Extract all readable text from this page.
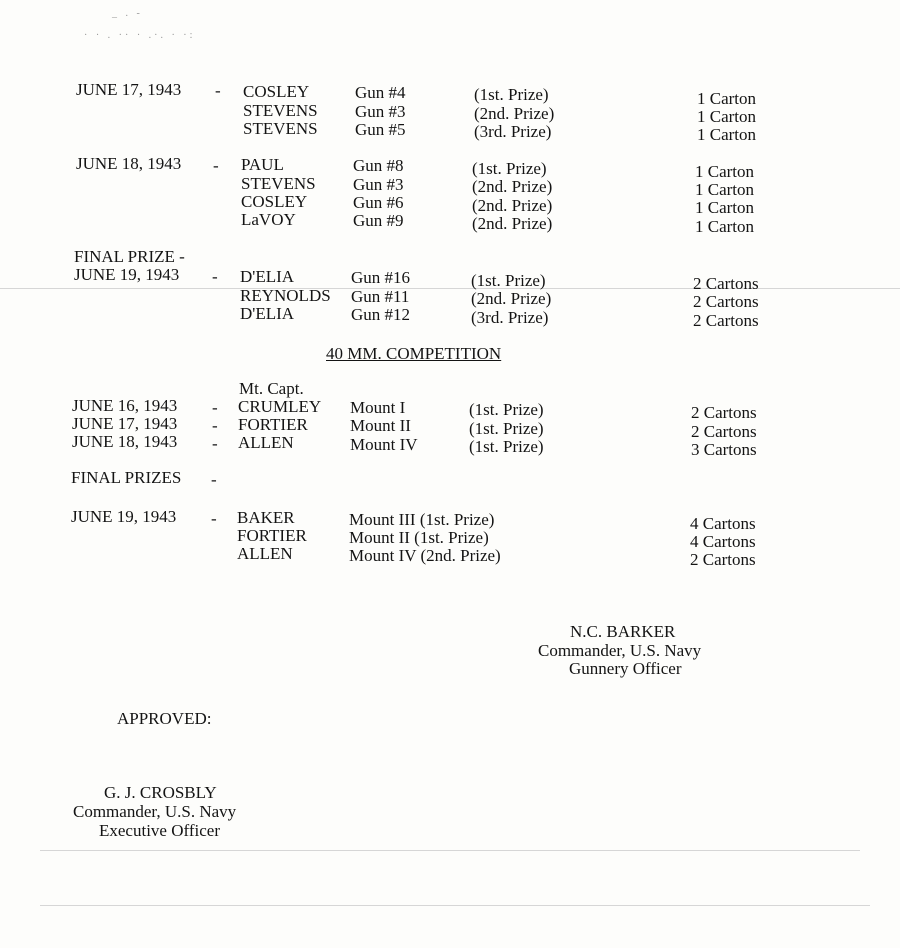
_ . -
· · . ·· · .·. · ·:
JUNE 17, 1943 - COSLEY
STEVENS
STEVENS
Gun #4
Gun #3
Gun #5
(1st. Prize)
(2nd. Prize)
(3rd. Prize)
1 Carton
1 Carton
1 Carton
JUNE 18, 1943 - PAUL
STEVENS
COSLEY
LaVOY
Gun #8
Gun #3
Gun #6
Gun #9
(1st. Prize)
(2nd. Prize)
(2nd. Prize)
(2nd. Prize)
1 Carton
1 Carton
1 Carton
1 Carton
FINAL PRIZE -
JUNE 19, 1943 - D'ELIA
REYNOLDS
D'ELIA
Gun #16
Gun #11
Gun #12
(1st. Prize)
(2nd. Prize)
(3rd. Prize)
2 Cartons
2 Cartons
2 Cartons
40 MM. COMPETITION
Mt. Capt.
JUNE 16, 1943
JUNE 17, 1943
JUNE 18, 1943
-
-
-
CRUMLEY
FORTIER
ALLEN
Mount I
Mount II
Mount IV
(1st. Prize)
(1st. Prize)
(1st. Prize)
2 Cartons
2 Cartons
3 Cartons
FINAL PRIZES -
JUNE 19, 1943 - BAKER
FORTIER
ALLEN
Mount III (1st. Prize)
Mount II (1st. Prize)
Mount IV (2nd. Prize)
4 Cartons
4 Cartons
2 Cartons
N.C. BARKER
Commander, U.S. Navy
Gunnery Officer
APPROVED:
G. J. CROSBLY
Commander, U.S. Navy
Executive Officer
